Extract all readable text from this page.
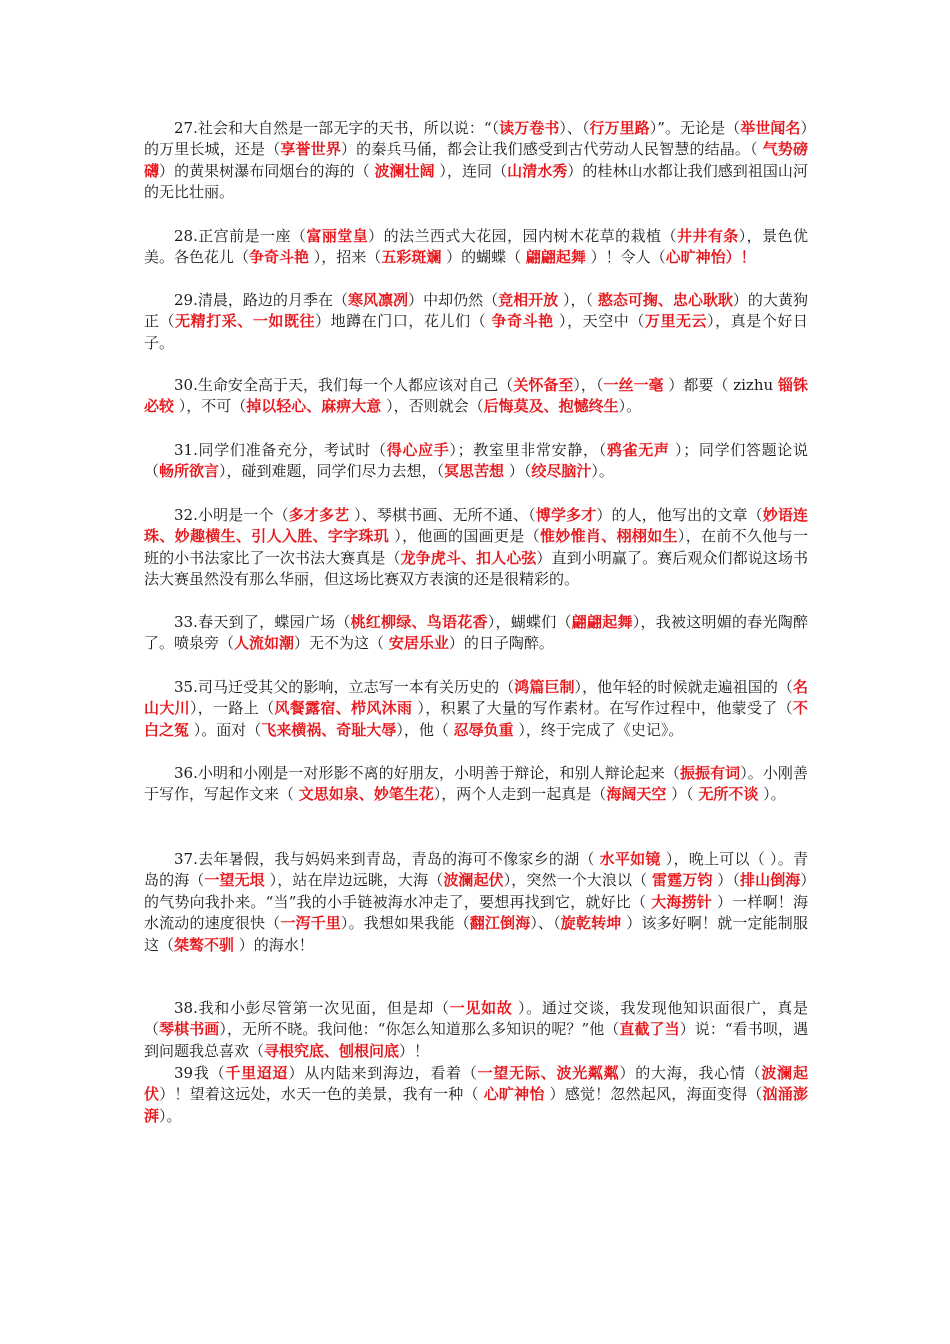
27.社会和大自然是一部无字的天书，所以说：“（读万卷书）、（行万里路）”。无论是（举世闻名）的万里长城，还是（享誉世界）的秦兵马俑，都会让我们感受到古代劳动人民智慧的结晶。（ 气势磅礴）的黄果树瀑布同烟台的海的（ 波澜壮阔 ），连同（山清水秀）的桂林山水都让我们感到祖国山河的无比壮丽。

28.正宫前是一座（富丽堂皇）的法兰西式大花园，园内树木花草的栽植（井井有条），景色优美。各色花儿（争奇斗艳 ），招来（五彩斑斓 ）的蝴蝶（ 翩翩起舞 ）！令人（心旷神怡）！

29.清晨，路边的月季在（寒风凛冽）中却仍然（竞相开放 ），（ 憨态可掬、忠心耿耿）的大黄狗正（无精打采、一如既往）地蹲在门口，花儿们（ 争奇斗艳 ），天空中（万里无云），真是个好日子。

30.生命安全高于天，我们每一个人都应该对自己（关怀备至），（一丝一毫 ）都要（ zizhu 锱铢必较 ），不可（掉以轻心、麻痹大意 ），否则就会（后悔莫及、抱憾终生）。

31.同学们准备充分，考试时（得心应手）；教室里非常安静，（鸦雀无声 ）；同学们答题论说（畅所欲言），碰到难题，同学们尽力去想，（冥思苦想 ）（绞尽脑汁）。

32.小明是一个（多才多艺 ）、琴棋书画、无所不通、（博学多才）的人，他写出的文章（妙语连珠、妙趣横生、引人入胜、字字珠玑 ），他画的国画更是（惟妙惟肖、栩栩如生），在前不久他与一班的小书法家比了一次书法大赛真是（龙争虎斗、扣人心弦）直到小明赢了。赛后观众们都说这场书法大赛虽然没有那么华丽，但这场比赛双方表演的还是很精彩的。

33.春天到了，蝶园广场（桃红柳绿、鸟语花香），蝴蝶们（翩翩起舞），我被这明媚的春光陶醉了。喷泉旁（人流如潮）无不为这（ 安居乐业）的日子陶醉。

35.司马迁受其父的影响，立志写一本有关历史的（鸿篇巨制），他年轻的时候就走遍祖国的（名山大川），一路上（风餐露宿、栉风沐雨 ），积累了大量的写作素材。在写作过程中，他蒙受了（不白之冤 ）。面对（飞来横祸、奇耻大辱），他（ 忍辱负重 ），终于完成了《史记》。

36.小明和小刚是一对形影不离的好朋友，小明善于辩论，和别人辩论起来（振振有词）。小刚善于写作，写起作文来（ 文思如泉、妙笔生花），两个人走到一起真是（海阔天空 ）（ 无所不谈 ）。

37.去年暑假，我与妈妈来到青岛，青岛的海可不像家乡的湖（ 水平如镜 ），晚上可以（ ）。青岛的海（一望无垠 ），站在岸边远眺，大海（波澜起伏），突然一个大浪以（ 雷霆万钧 ）（排山倒海）的气势向我扑来。“当”我的小手链被海水冲走了，要想再找到它，就好比（ 大海捞针 ）一样啊！海水流动的速度很快（一泻千里）。我想如果我能（翻江倒海）、（旋乾转坤 ）该多好啊！就一定能制服这（桀骜不驯 ）的海水！

38.我和小彭尽管第一次见面，但是却（一见如故 ）。通过交谈，我发现他知识面很广，真是（琴棋书画），无所不晓。我问他：“你怎么知道那么多知识的呢？”他（直截了当）说：“看书呗，遇到问题我总喜欢（寻根究底、刨根问底）！

39我（千里迢迢）从内陆来到海边，看着（一望无际、波光粼粼）的大海，我心情（波澜起伏）！望着这远处，水天一色的美景，我有一种（ 心旷神怡 ）感觉！忽然起风，海面变得（汹涌澎湃）。
